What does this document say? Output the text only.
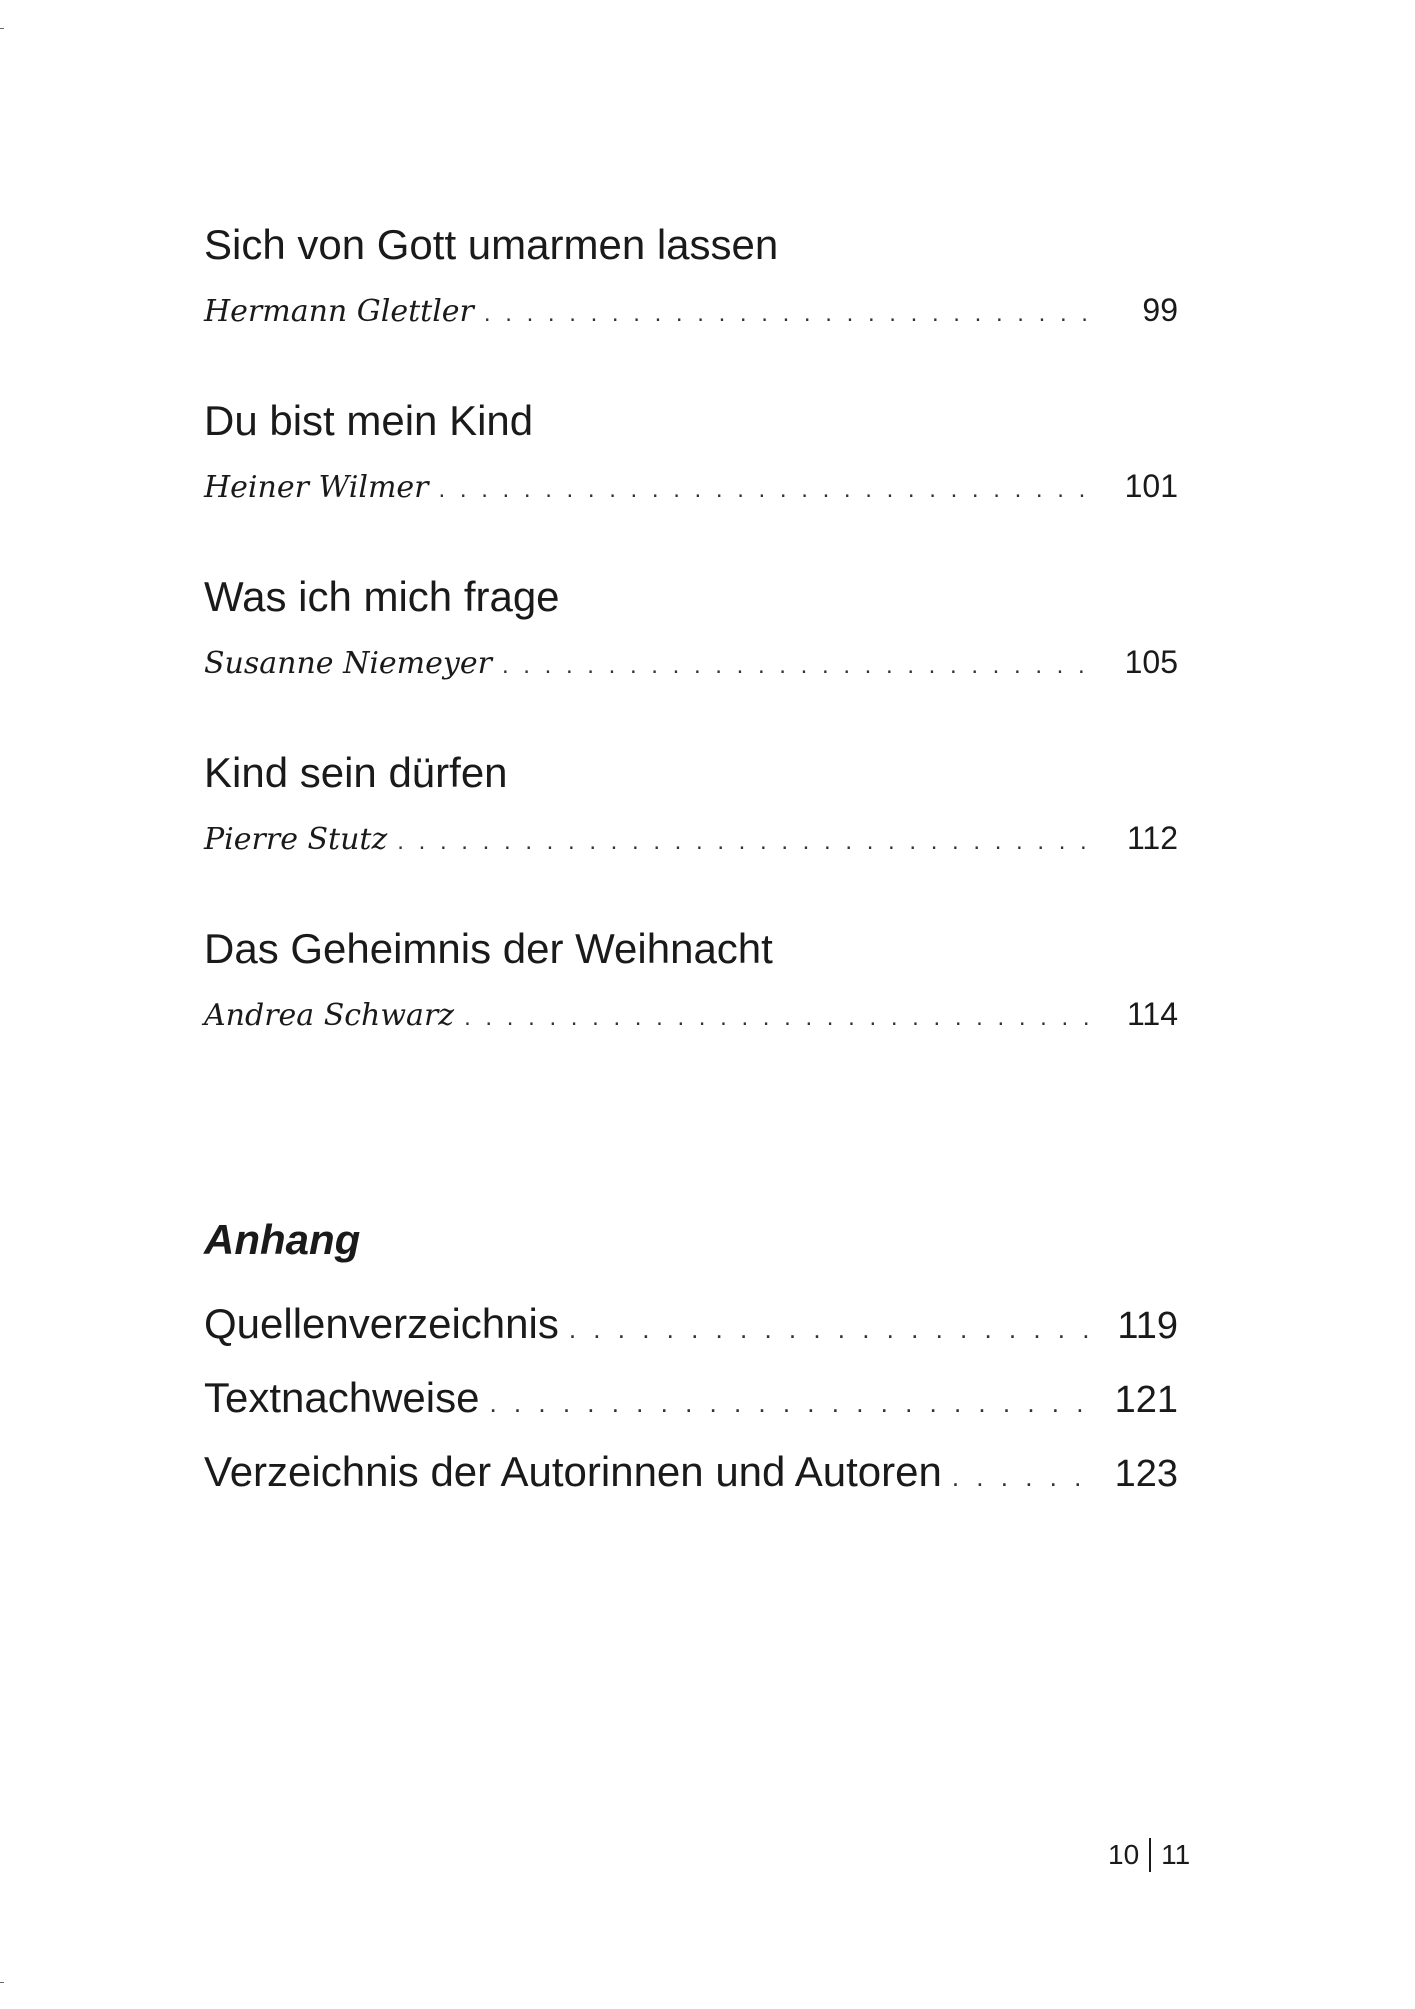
Sich von Gott umarmen lassen
Hermann Glettler . . .	99
Du bist mein Kind
Heiner Wilmer . . .	101
Was ich mich frage
Susanne Niemeyer . . .	105
Kind sein dürfen
Pierre Stutz . . .	112
Das Geheimnis der Weihnacht
Andrea Schwarz . . .	114
Anhang
Quellenverzeichnis . . .	119
Textnachweise . . .	121
Verzeichnis der Autorinnen und Autoren . . .	123
10 11
